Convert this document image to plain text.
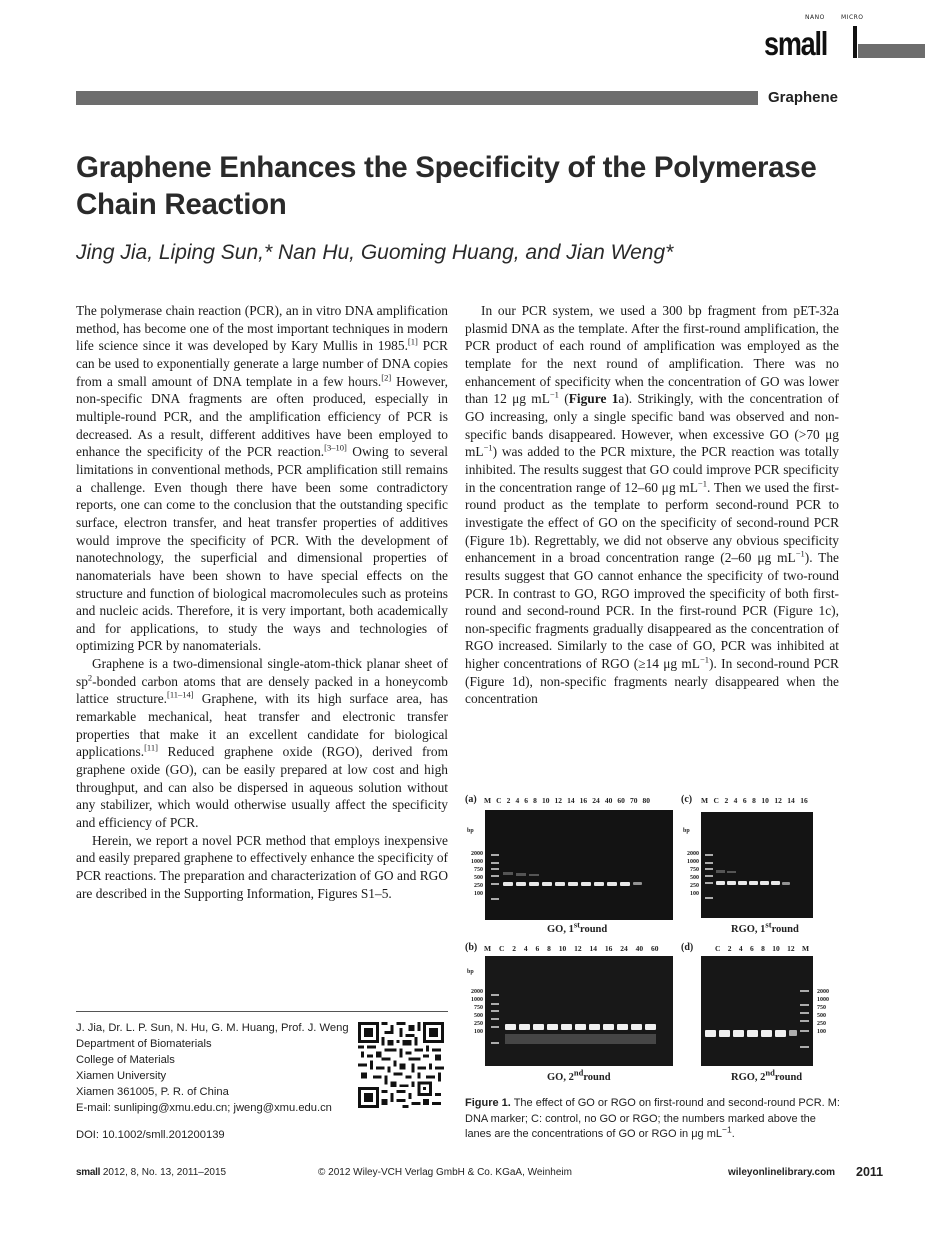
NANO	MICRO
small
Graphene
Graphene Enhances the Specificity of the Polymerase Chain Reaction
Jing Jia, Liping Sun,* Nan Hu, Guoming Huang, and Jian Weng*

The polymerase chain reaction (PCR), an in vitro DNA amplification method, has become one of the most important techniques in modern life science since it was developed by Kary Mullis in 1985.[1] PCR can be used to exponentially generate a large number of DNA copies from a small amount of DNA template in a few hours.[2] However, non-specific DNA fragments are often produced, especially in multiple-round PCR, and the amplification efficiency of PCR is decreased. As a result, different additives have been employed to enhance the specificity of the PCR reaction.[3–10] Owing to several limitations in conventional methods, PCR amplification still remains a challenge. Even though there have been some contradictory reports, one can come to the conclusion that the outstanding specific surface, electron transfer, and heat transfer properties of additives would improve the specificity of PCR. With the development of nanotechnology, the superficial and dimensional properties of nanomaterials have been shown to have special effects on the structure and function of biological macromolecules such as proteins and nucleic acids. Therefore, it is very important, both academically and for applications, to study the ways and technologies of optimizing PCR by nanomaterials.

Graphene is a two-dimensional single-atom-thick planar sheet of $sp^2$-bonded carbon atoms that are densely packed in a honeycomb lattice structure.[11–14] Graphene, with its high surface area, has remarkable mechanical, heat transfer and electronic transfer properties that make it an excellent candidate for biological applications.[11] Reduced graphene oxide (RGO), derived from graphene oxide (GO), can be easily prepared at low cost and high throughput, and can also be dispersed in aqueous solution without any stabilizer, which would otherwise usually affect the specificity and efficiency of PCR.

Herein, we report a novel PCR method that employs inexpensive and easily prepared graphene to effectively enhance the specificity of PCR reactions. The preparation and characterization of GO and RGO are described in the Supporting Information, Figures S1–5.

In our PCR system, we used a 300 bp fragment from pET-32a plasmid DNA as the template. After the first-round amplification, the PCR product of each round of amplification was employed as the template for the next round of amplification. There was no enhancement of specificity when the concentration of GO was lower than 12 μg $mL^{-1}$ (Figure 1a). Strikingly, with the concentration of GO increasing, only a single specific band was observed and non-specific bands disappeared. However, when excessive GO (>70 μg $mL^{-1}$) was added to the PCR mixture, the PCR reaction was totally inhibited. The results suggest that GO could improve PCR specificity in the concentration range of 12–60 μg $mL^{-1}$. Then we used the first-round product as the template to perform second-round PCR to investigate the effect of GO on the specificity of second-round PCR (Figure 1b). Regrettably, we did not observe any obvious specificity enhancement in a broad concentration range (2–60 μg $mL^{-1}$). The results suggest that GO cannot enhance the specificity of two-round PCR. In contrast to GO, RGO improved the specificity of both first-round and second-round PCR. In the first-round PCR (Figure 1c), non-specific fragments gradually disappeared as the concentration of RGO increased. Similarly to the case of GO, PCR was inhibited at higher concentrations of RGO (≥14 μg $mL^{-1}$). In second-round PCR (Figure 1d), non-specific fragments nearly disappeared when the concentration

J. Jia, Dr. L. P. Sun, N. Hu, G. M. Huang, Prof. J. Weng
Department of Biomaterials
College of Materials
Xiamen University
Xiamen 361005, P. R. of China
E-mail: sunliping@xmu.edu.cn; jweng@xmu.edu.cn
DOI: 10.1002/smll.201200139
(a) M C 2 4 6 8 10 12 14 16 24 40 60 70 80
bp
2000
1000
750
500
250
100
GO, 1stround
(c) M C 2 4 6 8 10 12 14 16
bp
2000
1000
750
500
250
100
RGO, 1stround
(b) M C 2 4 6 8 10 12 14 16 24 40 60
bp
2000
1000
750
500
250
100
GO, 2ndround
(d)	C 2 4 6 8 10 12 M
2000
1000
750
500
250
100
RGO, 2ndround
Figure 1. The effect of GO or RGO on first-round and second-round PCR. M: DNA marker; C: control, no GO or RGO; the numbers marked above the lanes are the concentrations of GO or RGO in μg $mL^{-1}$.
small 2012, 8, No. 13, 2011–2015	© 2012 Wiley-VCH Verlag GmbH & Co. KGaA, Weinheim	wileyonlinelibrary.com 2011
